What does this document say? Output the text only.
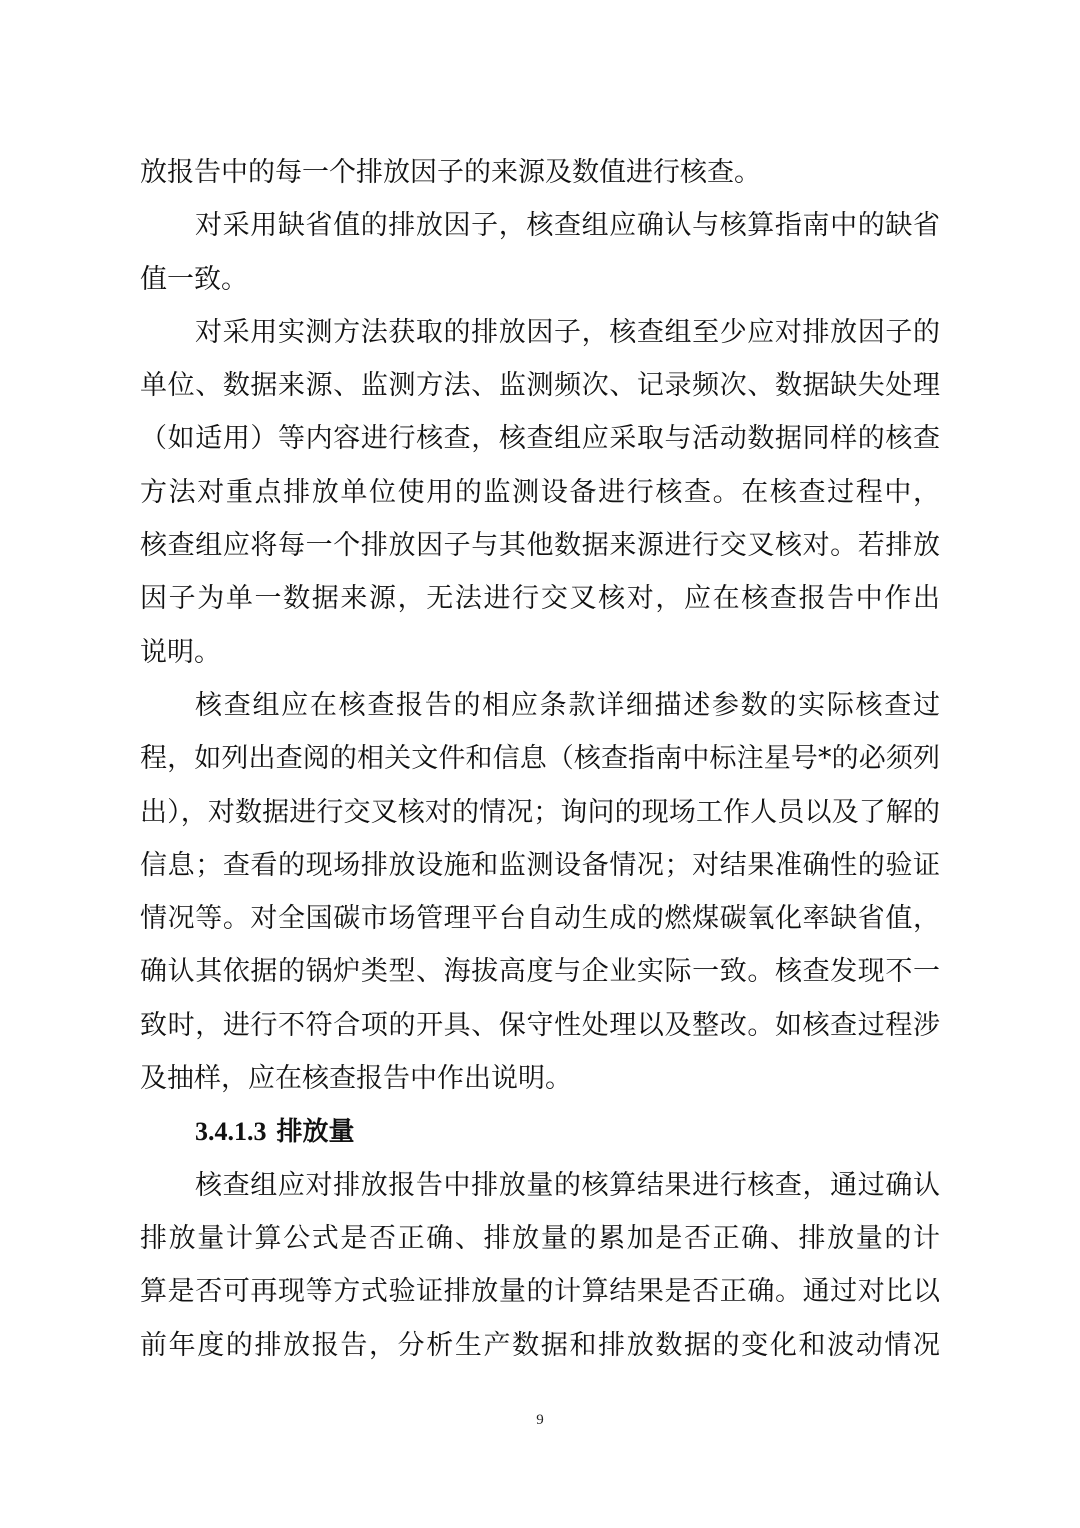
放报告中的每一个排放因子的来源及数值进行核查。
对采用缺省值的排放因子，核查组应确认与核算指南中的缺省
值一致。
对采用实测方法获取的排放因子，核查组至少应对排放因子的
单位、数据来源、监测方法、监测频次、记录频次、数据缺失处理
（如适用）等内容进行核查，核查组应采取与活动数据同样的核查
方法对重点排放单位使用的监测设备进行核查。在核查过程中，
核查组应将每一个排放因子与其他数据来源进行交叉核对。若排放
因子为单一数据来源，无法进行交叉核对，应在核查报告中作出
说明。
核查组应在核查报告的相应条款详细描述参数的实际核查过
程，如列出查阅的相关文件和信息（核查指南中标注星号*的必须列
出），对数据进行交叉核对的情况；询问的现场工作人员以及了解的
信息；查看的现场排放设施和监测设备情况；对结果准确性的验证
情况等。对全国碳市场管理平台自动生成的燃煤碳氧化率缺省值，
确认其依据的锅炉类型、海拔高度与企业实际一致。核查发现不一
致时，进行不符合项的开具、保守性处理以及整改。如核查过程涉
及抽样，应在核查报告中作出说明。
3.4.1.3 排放量
核查组应对排放报告中排放量的核算结果进行核查，通过确认
排放量计算公式是否正确、排放量的累加是否正确、排放量的计
算是否可再现等方式验证排放量的计算结果是否正确。通过对比以
前年度的排放报告，分析生产数据和排放数据的变化和波动情况
9
